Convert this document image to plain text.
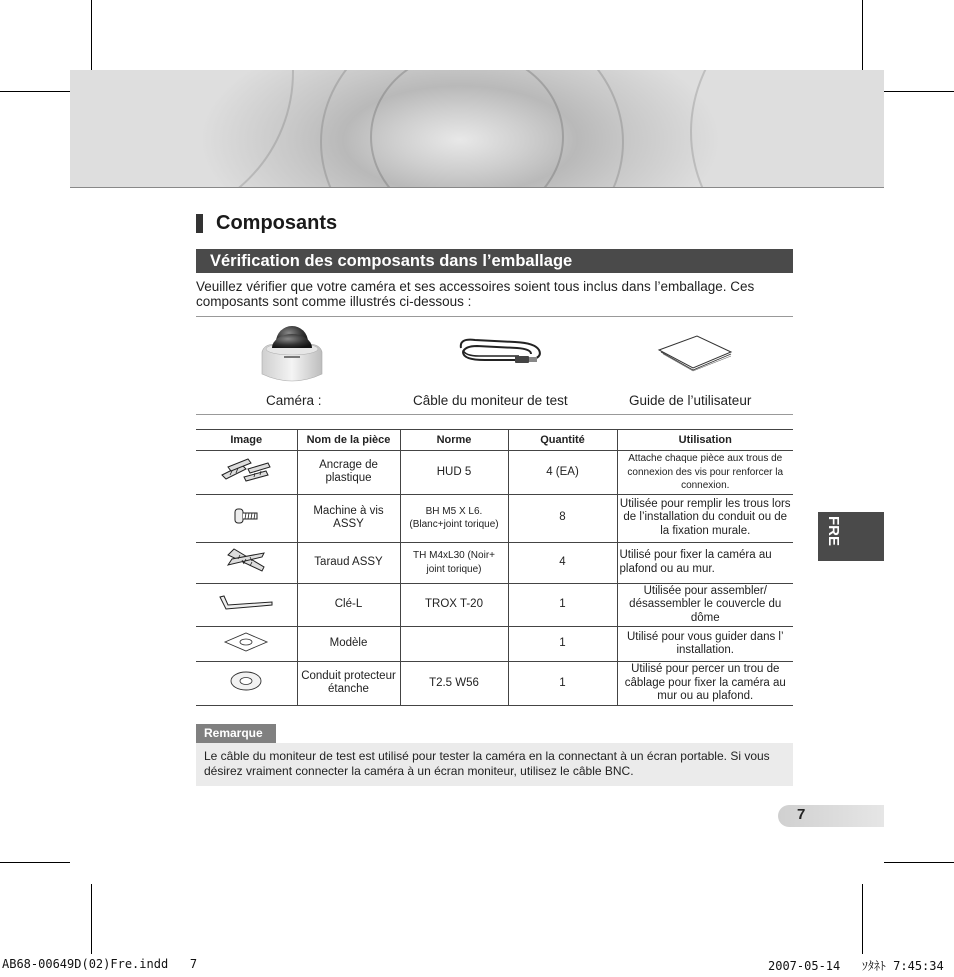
Composants
Vérification des composants dans l’emballage
Veuillez vérifier que votre caméra et ses accessoires soient tous inclus dans l’emballage. Ces composants sont comme illustrés ci-dessous :
Caméra :	Câble du moniteur de test	Guide de l’utilisateur
Image	Nom de la pièce	Norme	Quantité	Utilisation
	Ancrage de plastique	HUD 5	4 (EA)	Attache chaque pièce aux trous de connexion des vis pour renforcer la connexion.
	Machine à vis ASSY	BH M5 X L6. (Blanc+joint torique)	8	Utilisée pour remplir les trous lors de l’installation du conduit ou de la fixation murale.
	Taraud ASSY	TH M4xL30 (Noir+ joint torique)	4	Utilisé pour fixer la caméra au plafond ou au mur.
	Clé-L	TROX T-20	1	Utilisée pour assembler/ désassembler le couvercle du dôme
	Modèle		1	Utilisé pour vous guider dans l’ installation.
	Conduit protecteur étanche	T2.5 W56	1	Utilisé pour percer un trou de câblage pour fixer la caméra au mur ou au plafond.
Remarque
Le câble du moniteur de test est utilisé pour tester la caméra en la connectant à un écran portable. Si vous désirez vraiment connecter la caméra à un écran moniteur, utilisez le câble BNC.
FRE
7
AB68-00649D(02)Fre.indd   7	2007-05-14   ｿﾀﾈﾄ 7:45:34
